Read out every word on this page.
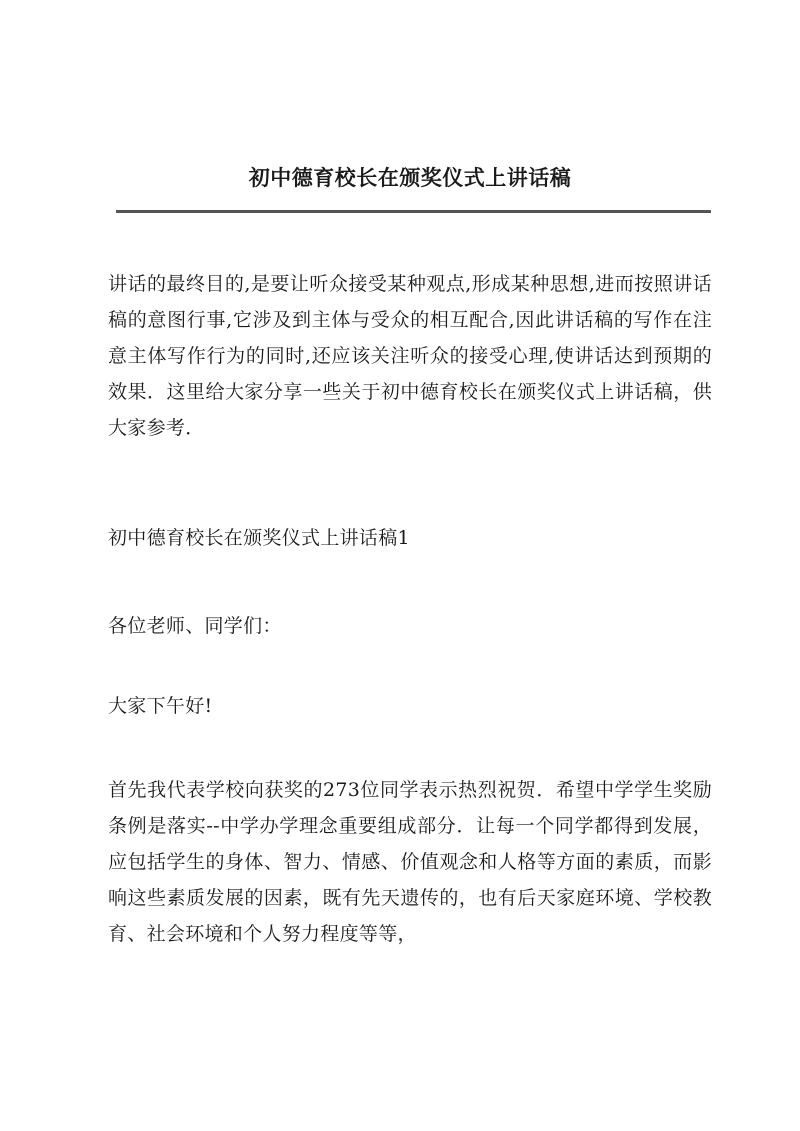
初中德育校长在颁奖仪式上讲话稿

讲话的最终目的,是要让听众接受某种观点,形成某种思想,进而按照讲话稿的意图行事,它涉及到主体与受众的相互配合,因此讲话稿的写作在注意主体写作行为的同时,还应该关注听众的接受心理,使讲话达到预期的效果．这里给大家分享一些关于初中德育校长在颁奖仪式上讲话稿，供大家参考．

初中德育校长在颁奖仪式上讲话稿1

各位老师、同学们：

大家下午好!

首先我代表学校向获奖的273位同学表示热烈祝贺．希望中学学生奖励条例是落实--中学办学理念重要组成部分．让每一个同学都得到发展，应包括学生的身体、智力、情感、价值观念和人格等方面的素质，而影响这些素质发展的因素，既有先天遗传的，也有后天家庭环境、学校教育、社会环境和个人努力程度等等，
